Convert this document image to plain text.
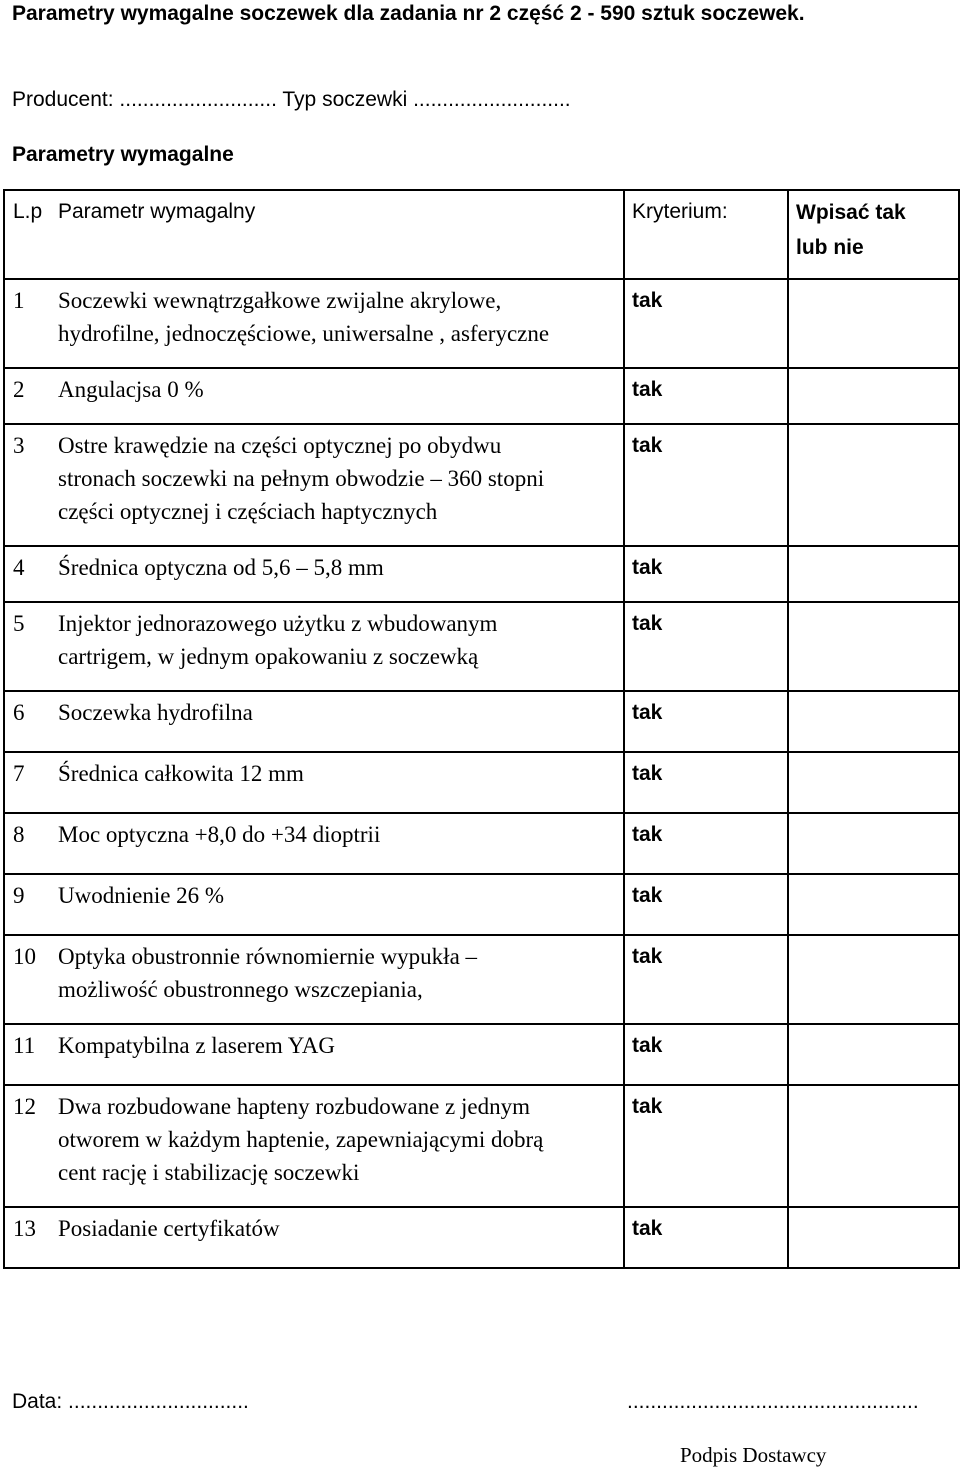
Parametry wymagalne soczewek dla zadania nr 2 część 2 - 590 sztuk soczewek.
Producent: ........................... Typ soczewki ...........................
Parametry wymagalne
L.p	Parametr wymagalny	Kryterium:	Wpisać tak
lub nie

1	Soczewki wewnątrzgałkowe zwijalne akrylowe,
hydrofilne, jednoczęściowe, uniwersalne , asferyczne	tak	

2	Angulacjsa 0 %	tak	

3	Ostre krawędzie na części optycznej po obydwu
stronach soczewki na pełnym obwodzie – 360 stopni
części optycznej i częściach haptycznych	tak	

4	Średnica optyczna od 5,6 – 5,8 mm	tak	

5	Injektor jednorazowego użytku z wbudowanym
cartrigem, w jednym opakowaniu z soczewką	tak	

6	Soczewka hydrofilna	tak	

7	Średnica całkowita 12 mm	tak	

8	Moc optyczna +8,0 do +34 dioptrii	tak	

9	Uwodnienie 26 %	tak	

10	Optyka obustronnie równomiernie wypukła –
możliwość obustronnego wszczepiania,	tak	

11	Kompatybilna z laserem YAG	tak	

12	Dwa rozbudowane hapteny rozbudowane z jednym
otworem w każdym haptenie, zapewniającymi dobrą
cent rację i stabilizację soczewki	tak	

13	Posiadanie certyfikatów	tak	

Data: ...............................	..................................................
Podpis Dostawcy
